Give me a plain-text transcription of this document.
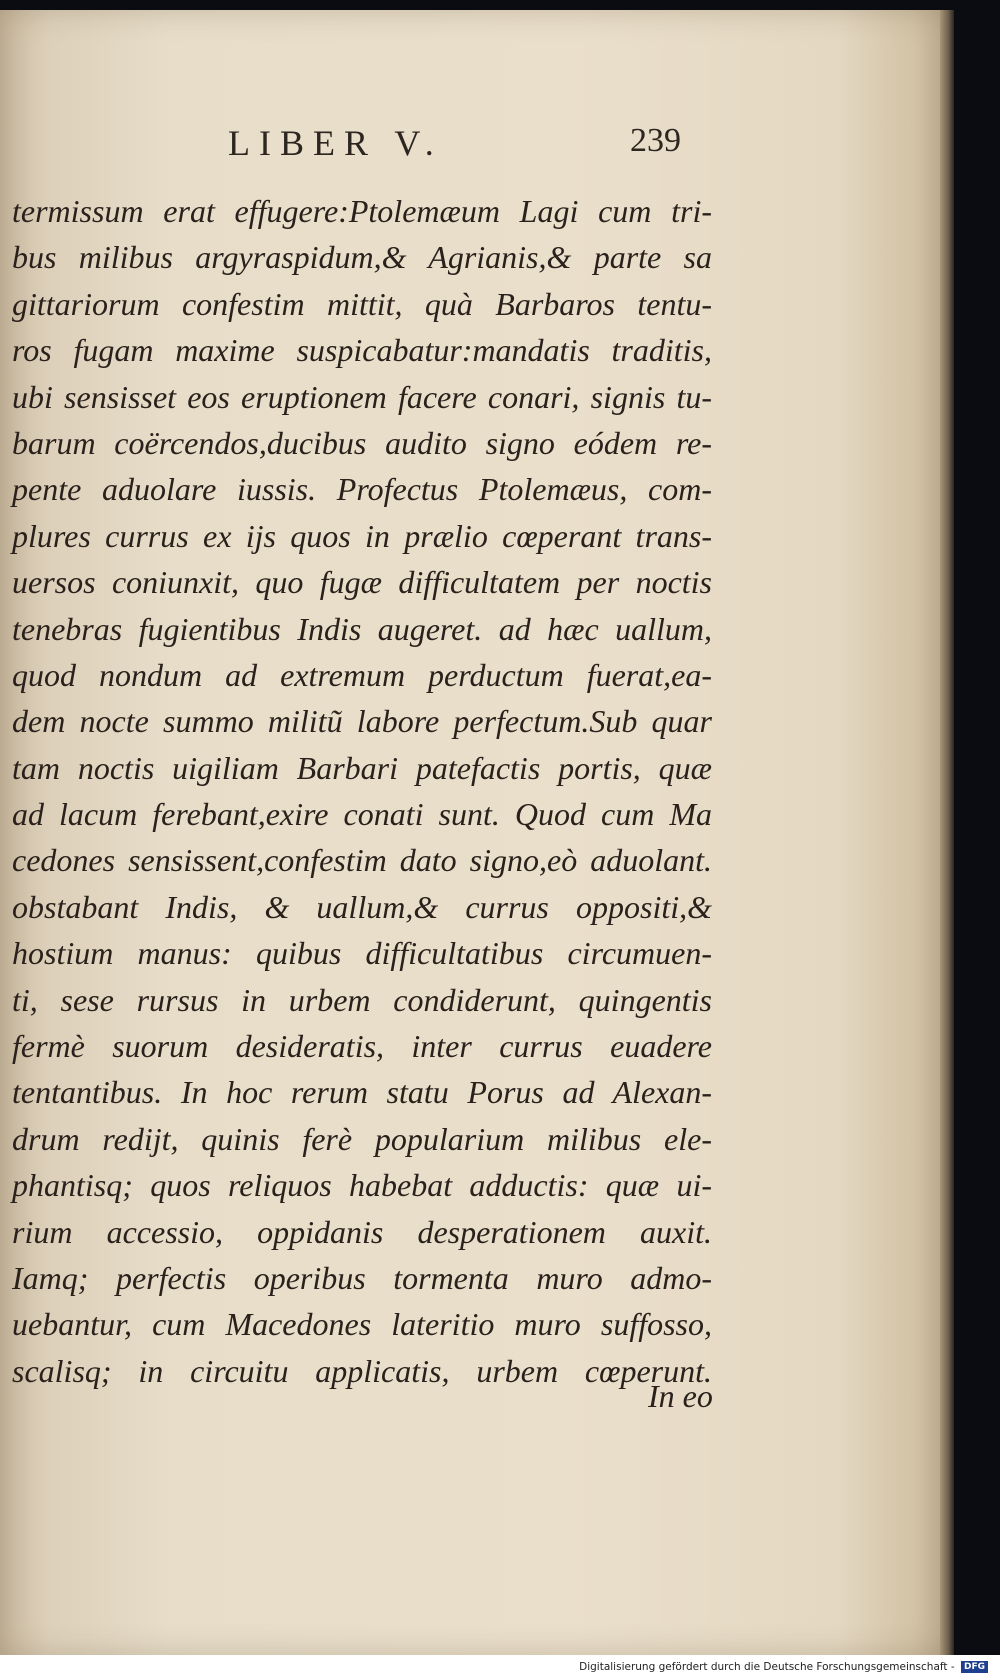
LIBER V.	239
termissum erat effugere:Ptolemæum Lagi cum tri-
bus milibus argyraspidum,& Agrianis,& parte sa
gittariorum confestim mittit, quà Barbaros tentu-
ros fugam maxime suspicabatur:mandatis traditis,
ubi sensisset eos eruptionem facere conari, signis tu-
barum coërcendos,ducibus audito signo eódem re-
pente aduolare iussis. Profectus Ptolemæus, com-
plures currus ex ijs quos in prælio cœperant trans-
uersos coniunxit, quo fugæ difficultatem per noctis
tenebras fugientibus Indis augeret. ad hæc uallum,
quod nondum ad extremum perductum fuerat,ea-
dem nocte summo militũ labore perfectum.Sub quar
tam noctis uigiliam Barbari patefactis portis, quæ
ad lacum ferebant,exire conati sunt. Quod cum Ma
cedones sensissent,confestim dato signo,eò aduolant.
obstabant Indis, & uallum,& currus oppositi,&
hostium manus: quibus difficultatibus circumuen-
ti, sese rursus in urbem condiderunt, quingentis
fermè suorum desideratis, inter currus euadere
tentantibus. In hoc rerum statu Porus ad Alexan-
drum redijt, quinis ferè popularium milibus ele-
phantisq; quos reliquos habebat adductis: quæ ui-
rium accessio, oppidanis desperationem auxit.
Iamq; perfectis operibus tormenta muro admo-
uebantur, cum Macedones lateritio muro suffosso,
scalisq; in circuitu applicatis, urbem cœperunt.
In eo
Digitalisierung gefördert durch die Deutsche Forschungsgemeinschaft - DFG
